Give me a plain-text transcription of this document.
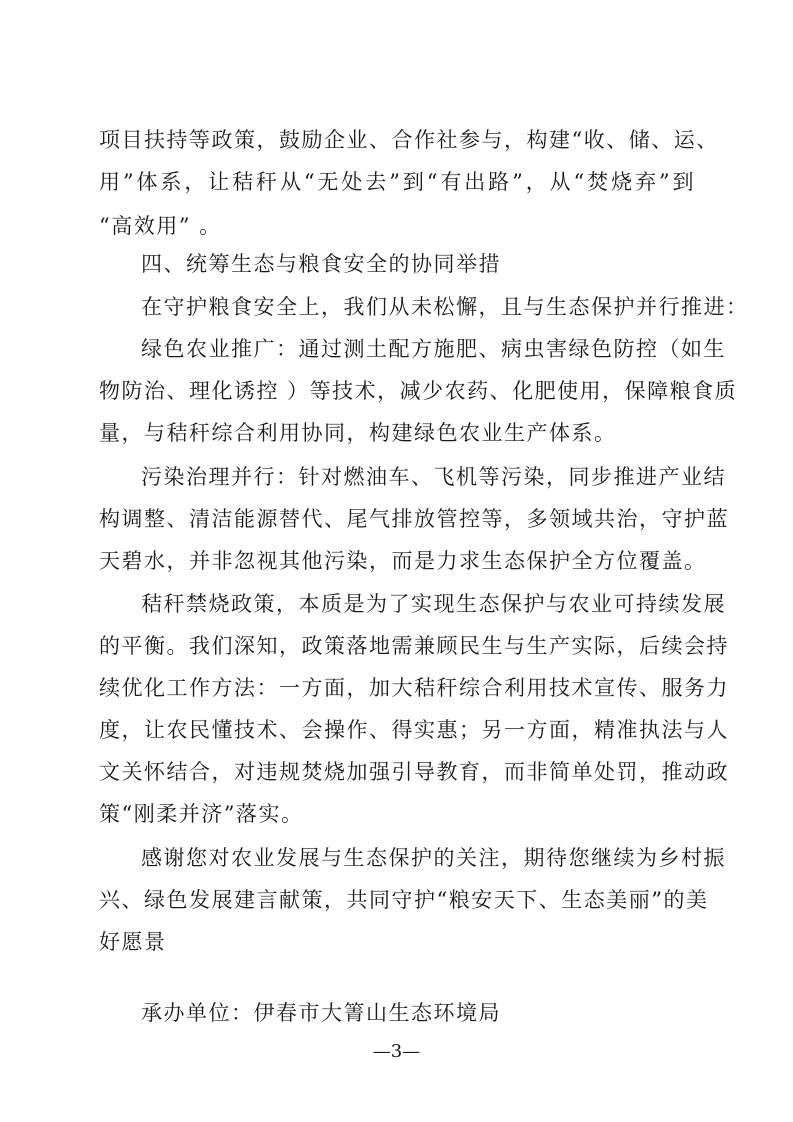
项目扶持等政策，鼓励企业、合作社参与，构建“收、储、运、
用”体系，让秸秆从“无处去”到“有出路”，从“焚烧弃”到
“高效用” 。
四、统筹生态与粮食安全的协同举措
在守护粮食安全上，我们从未松懈，且与生态保护并行推进：
绿色农业推广：通过测土配方施肥、病虫害绿色防控（如生
物防治、理化诱控 ）等技术，减少农药、化肥使用，保障粮食质
量，与秸秆综合利用协同，构建绿色农业生产体系。
污染治理并行：针对燃油车、飞机等污染，同步推进产业结
构调整、清洁能源替代、尾气排放管控等，多领域共治，守护蓝
天碧水，并非忽视其他污染，而是力求生态保护全方位覆盖。
秸秆禁烧政策，本质是为了实现生态保护与农业可持续发展
的平衡。我们深知，政策落地需兼顾民生与生产实际，后续会持
续优化工作方法：一方面，加大秸秆综合利用技术宣传、服务力
度，让农民懂技术、会操作、得实惠；另一方面，精准执法与人
文关怀结合，对违规焚烧加强引导教育，而非简单处罚，推动政
策“刚柔并济”落实。
感谢您对农业发展与生态保护的关注，期待您继续为乡村振
兴、绿色发展建言献策，共同守护“粮安天下、生态美丽”的美
好愿景
承办单位：伊春市大箐山生态环境局
—3—
